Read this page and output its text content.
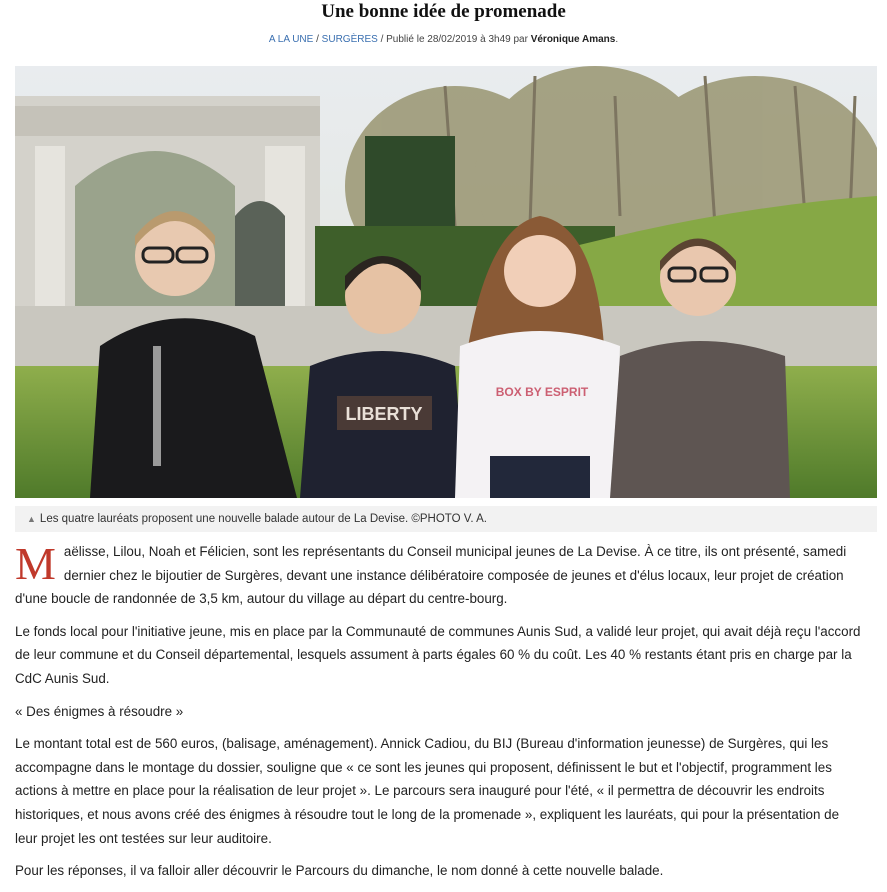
Une bonne idée de promenade
A LA UNE / SURGÈRES / Publié le 28/02/2019 à 3h49 par Véronique Amans.
LIBERTY
BOX BY ESPRIT
▲ Les quatre lauréats proposent une nouvelle balade autour de La Devise. ©PHOTO V. A.

Maëlisse, Lilou, Noah et Félicien, sont les représentants du Conseil municipal jeunes de La Devise. À ce titre, ils ont présenté, samedi dernier chez le bijoutier de Surgères, devant une instance délibératoire composée de jeunes et d'élus locaux, leur projet de création d'une boucle de randonnée de 3,5 km, autour du village au départ du centre-bourg.

Le fonds local pour l'initiative jeune, mis en place par la Communauté de communes Aunis Sud, a validé leur projet, qui avait déjà reçu l'accord de leur commune et du Conseil départemental, lesquels assument à parts égales 60 % du coût. Les 40 % restants étant pris en charge par la CdC Aunis Sud.

« Des énigmes à résoudre »

Le montant total est de 560 euros, (balisage, aménagement). Annick Cadiou, du BIJ (Bureau d'information jeunesse) de Surgères, qui les accompagne dans le montage du dossier, souligne que « ce sont les jeunes qui proposent, définissent le but et l'objectif, programment les actions à mettre en place pour la réalisation de leur projet ». Le parcours sera inauguré pour l'été, « il permettra de découvrir les endroits historiques, et nous avons créé des énigmes à résoudre tout le long de la promenade », expliquent les lauréats, qui pour la présentation de leur projet les ont testées sur leur auditoire.

Pour les réponses, il va falloir aller découvrir le Parcours du dimanche, le nom donné à cette nouvelle balade.
